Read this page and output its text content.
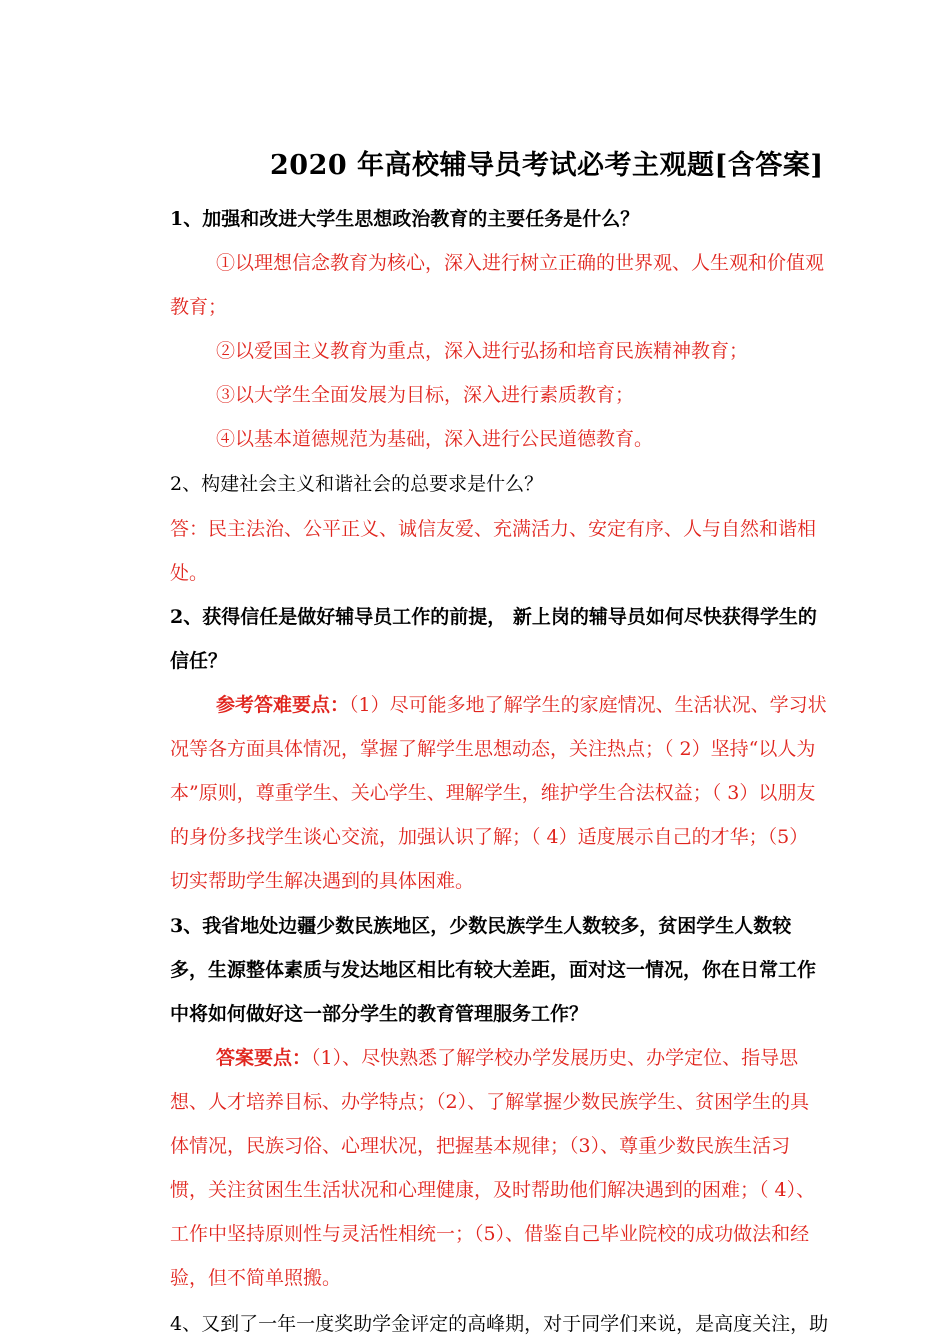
2020 年高校辅导员考试必考主观题[含答案]
1、加强和改进大学生思想政治教育的主要任务是什么？
①以理想信念教育为核心，深入进行树立正确的世界观、人生观和价值观
教育；
②以爱国主义教育为重点，深入进行弘扬和培育民族精神教育；
③以大学生全面发展为目标，深入进行素质教育；
④以基本道德规范为基础，深入进行公民道德教育。
2、构建社会主义和谐社会的总要求是什么？
答：民主法治、公平正义、诚信友爱、充满活力、安定有序、人与自然和谐相
处。
2、获得信任是做好辅导员工作的前提， 新上岗的辅导员如何尽快获得学生的
信任？
参考答难要点：（1）尽可能多地了解学生的家庭情况、生活状况、学习状
况等各方面具体情况，掌握了解学生思想动态，关注热点；（ 2）坚持“以人为
本”原则，尊重学生、关心学生、理解学生，维护学生合法权益；（ 3）以朋友
的身份多找学生谈心交流，加强认识了解；（ 4）适度展示自己的才华；（5）
切实帮助学生解决遇到的具体困难。
3、我省地处边疆少数民族地区，少数民族学生人数较多，贫困学生人数较
多，生源整体素质与发达地区相比有较大差距，面对这一情况，你在日常工作
中将如何做好这一部分学生的教育管理服务工作？
答案要点：（1）、尽快熟悉了解学校办学发展历史、办学定位、指导思
想、人才培养目标、办学特点；（2）、了解掌握少数民族学生、贫困学生的具
体情况，民族习俗、心理状况，把握基本规律；（3）、尊重少数民族生活习
惯，关注贫困生生活状况和心理健康，及时帮助他们解决遇到的困难；（ 4）、
工作中坚持原则性与灵活性相统一；（5）、借鉴自己毕业院校的成功做法和经
验，但不简单照搬。
4、又到了一年一度奖助学金评定的高峰期，对于同学们来说，是高度关注，助
